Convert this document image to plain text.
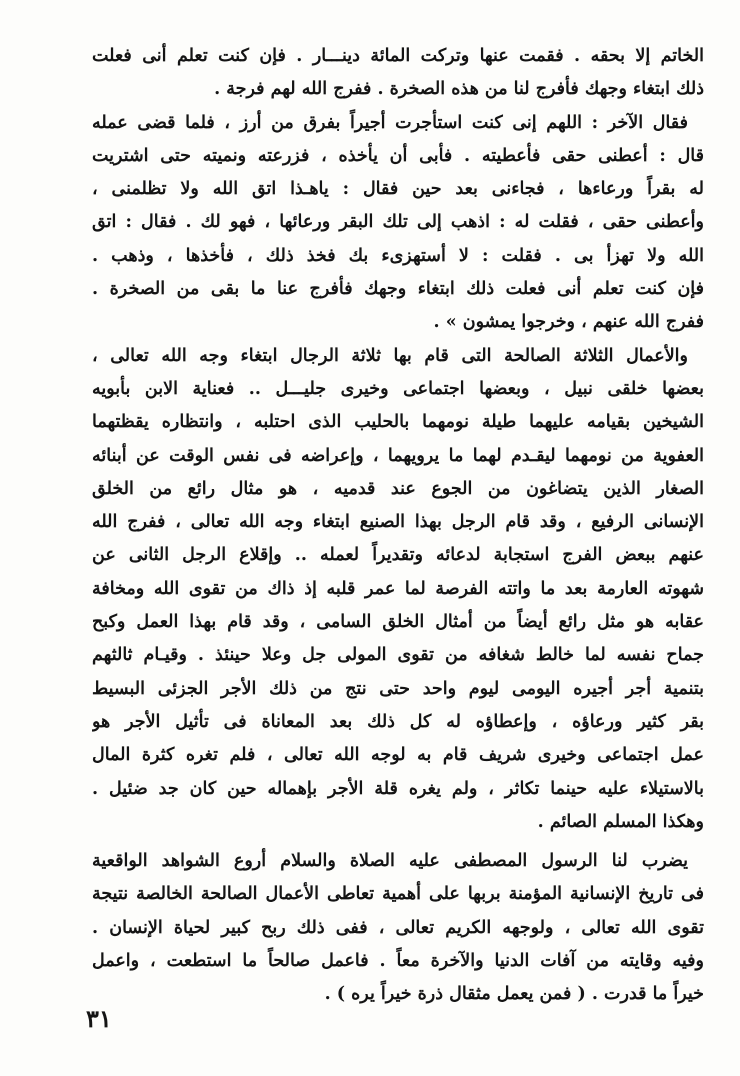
الخاتم إلا بحقه . فقمت عنها وتركت المائة دينـــار . فإن كنت تعلم أنى فعلت
ذلك ابتغاء وجهك فأفرج لنا من هذه الصخرة . ففرج الله لهم فرجة .
فقال الآخر : اللهم إنى كنت استأجرت أجيراً بفرق من أرز ، فلما قضى عمله
قال : أعطنى حقى فأعطيته . فأبى أن يأخذه ، فزرعته ونميته حتى اشتريت
له بقراً ورعاءها ، فجاءنى بعد حين فقال : ياهـذا اتق الله ولا تظلمنى ،
وأعطنى حقى ، فقلت له : اذهب إلى تلك البقر ورعائها ، فهو لك . فقال : اتق
الله ولا تهزأ بى . فقلت : لا أستهزىء بك فخذ ذلك ، فأخذها ، وذهب .
فإن كنت تعلم أنى فعلت ذلك ابتغاء وجهك فأفرج عنا ما بقى من الصخرة .
ففرج الله عنهم ، وخرجوا يمشون » .
والأعمال الثلاثة الصالحة التى قام بها ثلاثة الرجال ابتغاء وجه الله تعالى ،
بعضها خلقى نبيل ، وبعضها اجتماعى وخيرى جليـــل .. فعناية الابن بأبويه
الشيخين بقيامه عليهما طيلة نومهما بالحليب الذى احتلبه ، وانتظاره يقظتهما
العفوية من نومهما ليقـدم لهما ما يرويهما ، وإعراضه فى نفس الوقت عن أبنائه
الصغار الذين يتضاغون من الجوع عند قدميه ، هو مثال رائع من الخلق
الإنسانى الرفيع ، وقد قام الرجل بهذا الصنيع ابتغاء وجه الله تعالى ، ففرج الله
عنهم ببعض الفرج استجابة لدعائه وتقديراً لعمله .. وإقلاع الرجل الثانى عن
شهوته العارمة بعد ما واتته الفرصة لما عمر قلبه إذ ذاك من تقوى الله ومخافة
عقابه هو مثل رائع أيضاً من أمثال الخلق السامى ، وقد قام بهذا العمل وكبح
جماح نفسه لما خالط شغافه من تقوى المولى جل وعلا حينئذ . وقيـام ثالثهم
بتنمية أجر أجيره اليومى ليوم واحد حتى نتج من ذلك الأجر الجزئى البسيط
بقر كثير ورعاؤه ، وإعطاؤه له كل ذلك بعد المعاناة فى تأثيل الأجر هو
عمل اجتماعى وخيرى شريف قام به لوجه الله تعالى ، فلم تغره كثرة المال
بالاستيلاء عليه حينما تكاثر ، ولم يغره قلة الأجر بإهماله حين كان جد ضئيل .
وهكذا المسلم الصائم .
يضرب لنا الرسول المصطفى عليه الصلاة والسلام أروع الشواهد الواقعية
فى تاريخ الإنسانية المؤمنة بربها على أهمية تعاطى الأعمال الصالحة الخالصة نتيجة
تقوى الله تعالى ، ولوجهه الكريم تعالى ، ففى ذلك ربح كبير لحياة الإنسان .
وفيه وقايته من آفات الدنيا والآخرة معاً . فاعمل صالحاً ما استطعت ، واعمل
خيراً ما قدرت . ( فمن يعمل مثقال ذرة خيراً يره ) .
٣١
